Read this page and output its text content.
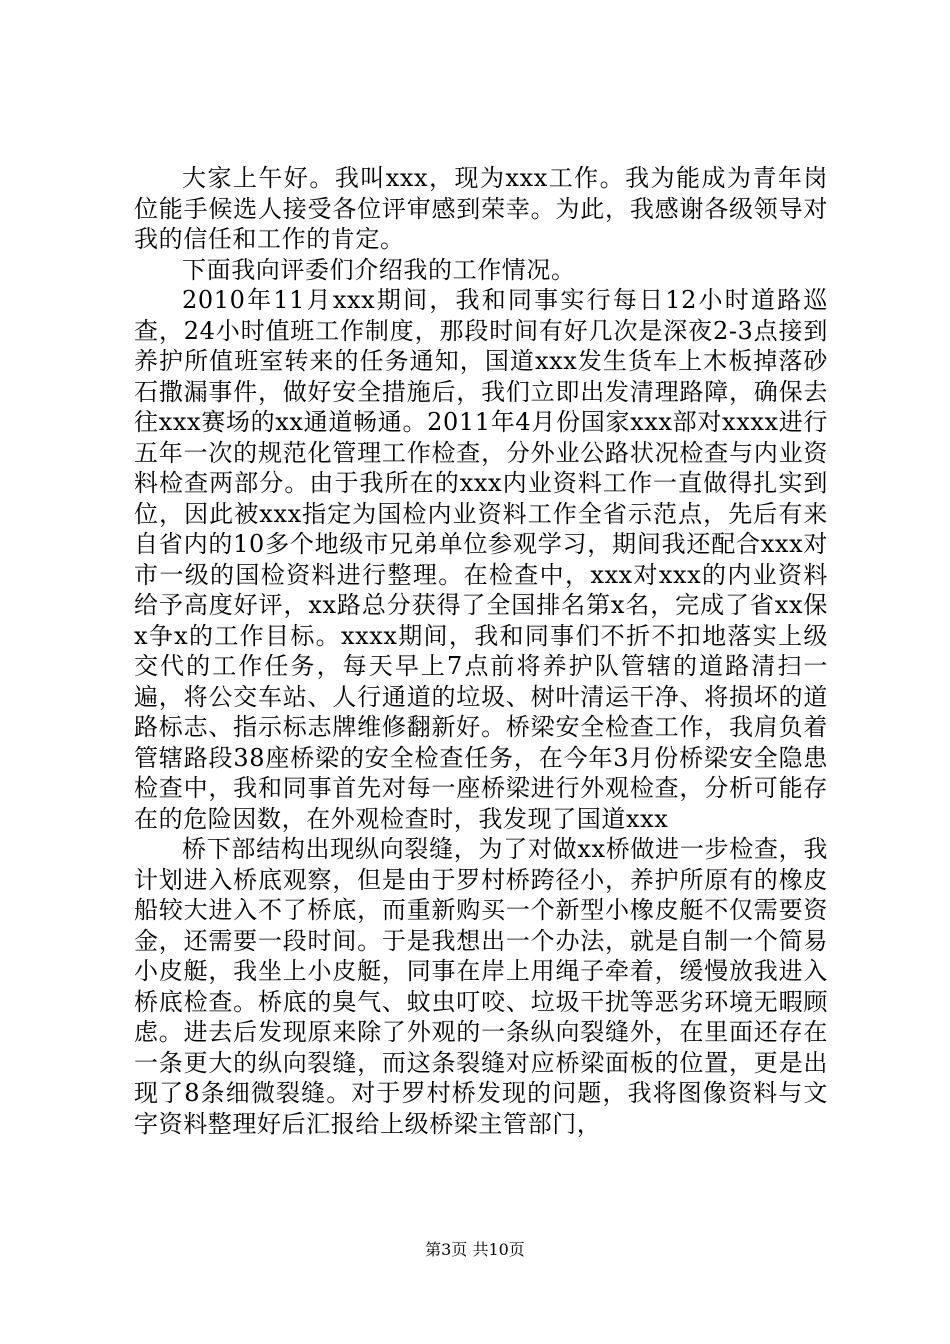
大家上午好。我叫xxx，现为xxx工作。我为能成为青年岗位能手候选人接受各位评审感到荣幸。为此，我感谢各级领导对我的信任和工作的肯定。

下面我向评委们介绍我的工作情况。

2010年11月xxx期间，我和同事实行每日12小时道路巡查，24小时值班工作制度，那段时间有好几次是深夜2-3点接到养护所值班室转来的任务通知，国道xxx发生货车上木板掉落砂石撒漏事件，做好安全措施后，我们立即出发清理路障，确保去往xxx赛场的xx通道畅通。2011年4月份国家xxx部对xxxx进行五年一次的规范化管理工作检查，分外业公路状况检查与内业资料检查两部分。由于我所在的xxx内业资料工作一直做得扎实到位，因此被xxx指定为国检内业资料工作全省示范点，先后有来自省内的10多个地级市兄弟单位参观学习，期间我还配合xxx对市一级的国检资料进行整理。在检查中，xxx对xxx的内业资料给予高度好评，xx路总分获得了全国排名第x名，完成了省xx保x争x的工作目标。xxxx期间，我和同事们不折不扣地落实上级交代的工作任务，每天早上7点前将养护队管辖的道路清扫一遍，将公交车站、人行通道的垃圾、树叶清运干净、将损坏的道路标志、指示标志牌维修翻新好。桥梁安全检查工作，我肩负着管辖路段38座桥梁的安全检查任务，在今年3月份桥梁安全隐患检查中，我和同事首先对每一座桥梁进行外观检查，分析可能存在的危险因数，在外观检查时，我发现了国道xxx

桥下部结构出现纵向裂缝，为了对做xx桥做进一步检查，我计划进入桥底观察，但是由于罗村桥跨径小，养护所原有的橡皮船较大进入不了桥底，而重新购买一个新型小橡皮艇不仅需要资金，还需要一段时间。于是我想出一个办法，就是自制一个简易小皮艇，我坐上小皮艇，同事在岸上用绳子牵着，缓慢放我进入桥底检查。桥底的臭气、蚊虫叮咬、垃圾干扰等恶劣环境无暇顾虑。进去后发现原来除了外观的一条纵向裂缝外，在里面还存在一条更大的纵向裂缝，而这条裂缝对应桥梁面板的位置，更是出现了8条细微裂缝。对于罗村桥发现的问题，我将图像资料与文字资料整理好后汇报给上级桥梁主管部门，

第3页 共10页
